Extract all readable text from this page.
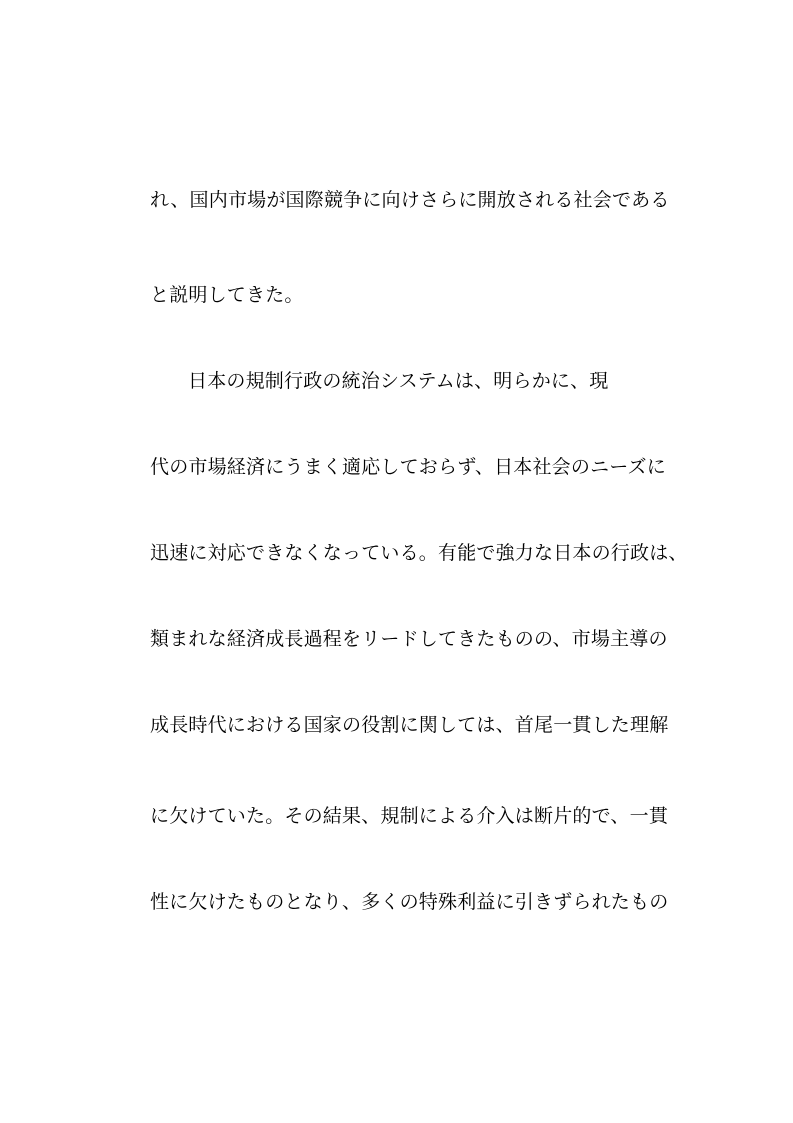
れ、国内市場が国際競争に向けさらに開放される社会である
と説明してきた。
日本の規制行政の統治システムは、明らかに、現
代の市場経済にうまく適応しておらず、日本社会のニーズに
迅速に対応できなくなっている。有能で強力な日本の行政は、
類まれな経済成長過程をリードしてきたものの、市場主導の
成長時代における国家の役割に関しては、首尾一貫した理解
に欠けていた。その結果、規制による介入は断片的で、一貫
性に欠けたものとなり、多くの特殊利益に引きずられたもの
